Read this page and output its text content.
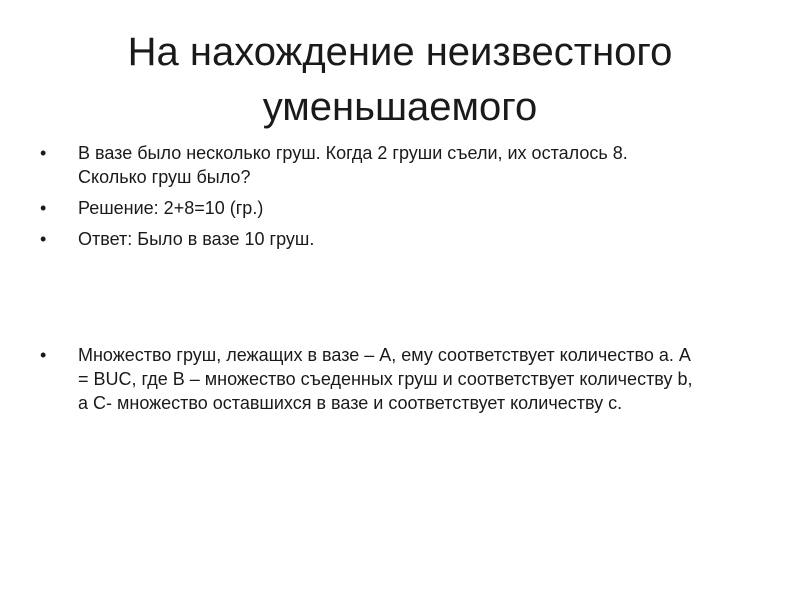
На нахождение неизвестного
уменьшаемого
•	В вазе было несколько груш. Когда 2 груши съели, их осталось 8.
Сколько груш было?
•	Решение: 2+8=10 (гр.)
•	Ответ: Было в вазе 10 груш.
•	Множество груш, лежащих в вазе – А, ему соответствует количество а. А
= ВUС, где В – множество съеденных груш и соответствует количеству b,
а С- множество оставшихся в вазе и соответствует количеству с.
